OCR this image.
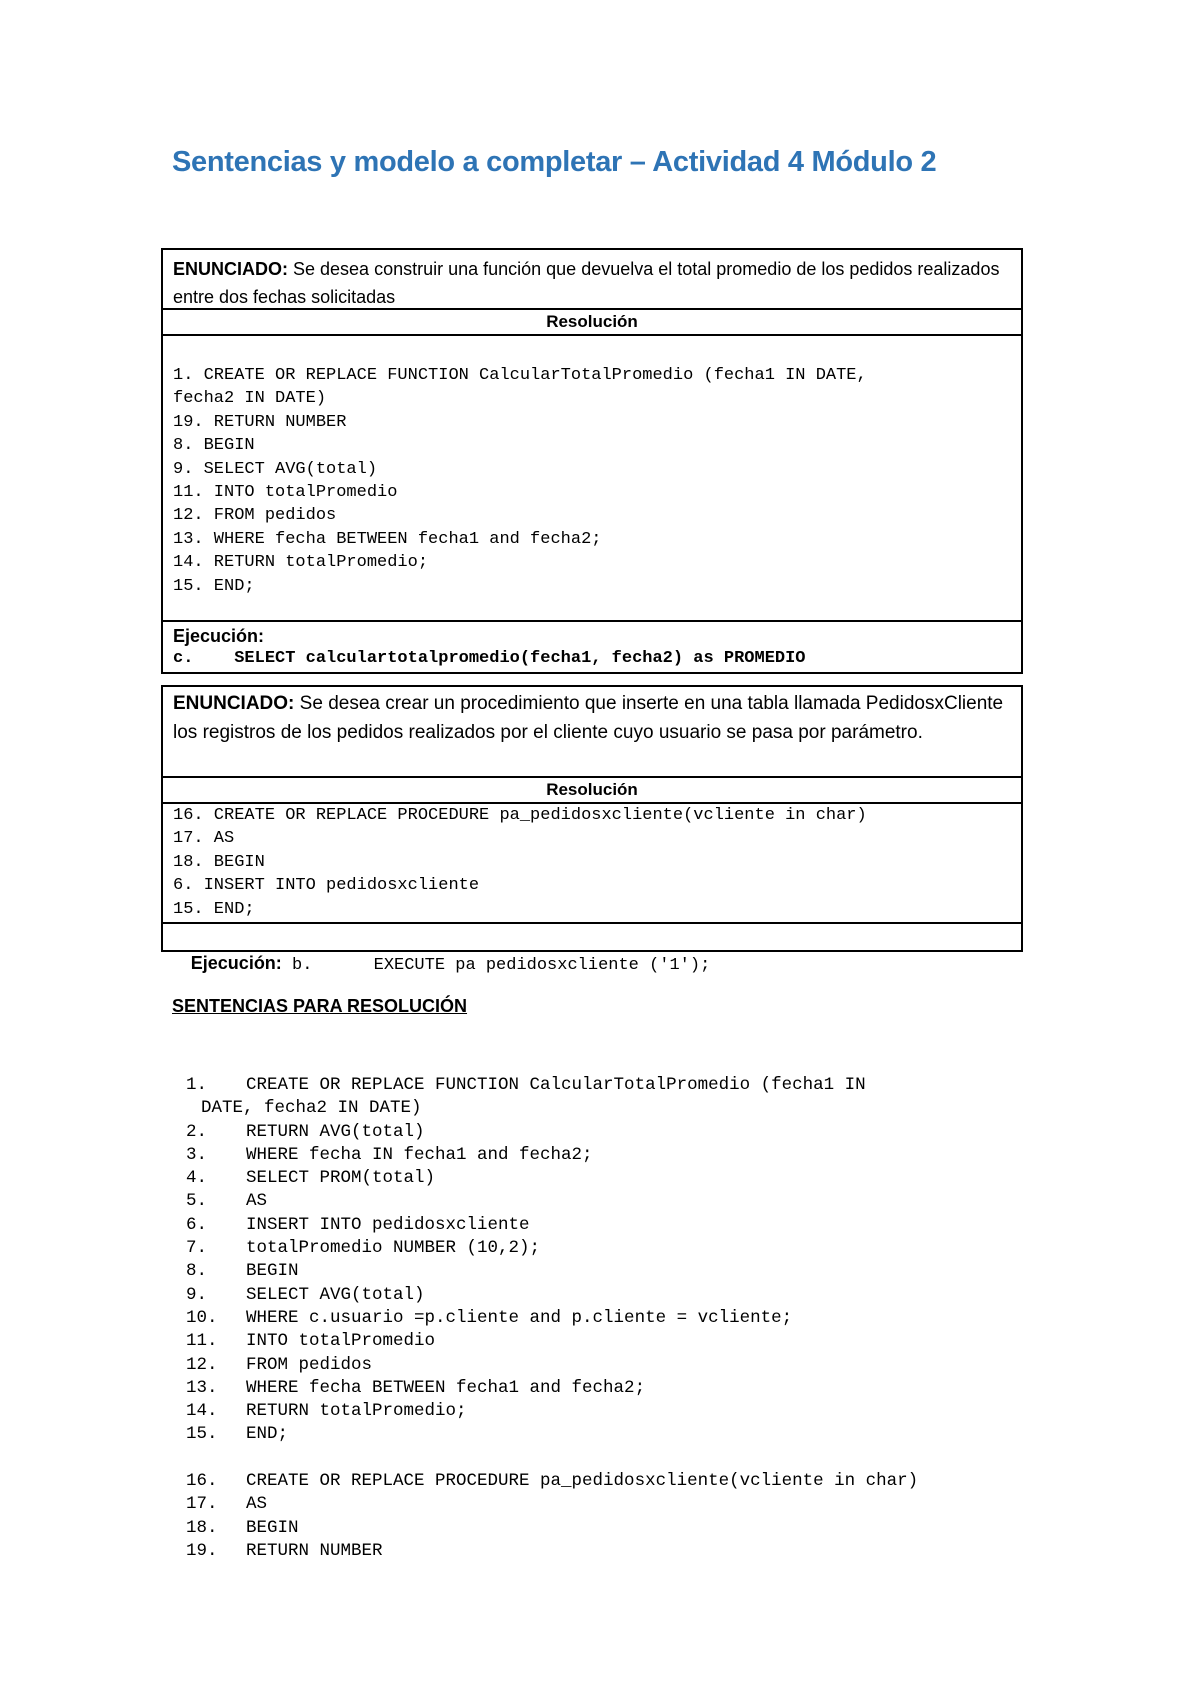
Sentencias y modelo a completar – Actividad 4 Módulo 2
ENUNCIADO: Se desea construir una función que devuelva el total promedio de los pedidos realizados entre dos fechas solicitadas
Resolución
1. CREATE OR REPLACE FUNCTION CalcularTotalPromedio (fecha1 IN DATE,
fecha2 IN DATE)
19. RETURN NUMBER
8. BEGIN
9. SELECT AVG(total)
11. INTO totalPromedio
12. FROM pedidos
13. WHERE fecha BETWEEN fecha1 and fecha2;
14. RETURN totalPromedio;
15. END;
Ejecución:
c.    SELECT calculartotalpromedio(fecha1, fecha2) as PROMEDIO
ENUNCIADO: Se desea crear un procedimiento que inserte en una tabla llamada PedidosxCliente los registros de los pedidos realizados por el cliente cuyo usuario se pasa por parámetro.
Resolución
16. CREATE OR REPLACE PROCEDURE pa_pedidosxcliente(vcliente in char)
17. AS
18. BEGIN
6. INSERT INTO pedidosxcliente
15. END;

Ejecución: b.      EXECUTE pa pedidosxcliente ('1');

SENTENCIAS PARA RESOLUCIÓN
1. CREATE OR REPLACE FUNCTION CalcularTotalPromedio (fecha1 IN
DATE, fecha2 IN DATE)
2. RETURN AVG(total)
3. WHERE fecha IN fecha1 and fecha2;
4. SELECT PROM(total)
5. AS
6. INSERT INTO pedidosxcliente
7. totalPromedio NUMBER (10,2);
8. BEGIN
9. SELECT AVG(total)
10. WHERE c.usuario =p.cliente and p.cliente = vcliente;
11. INTO totalPromedio
12. FROM pedidos
13. WHERE fecha BETWEEN fecha1 and fecha2;
14. RETURN totalPromedio;
15. END;
16. CREATE OR REPLACE PROCEDURE pa_pedidosxcliente(vcliente in char)
17. AS
18. BEGIN
19. RETURN NUMBER
